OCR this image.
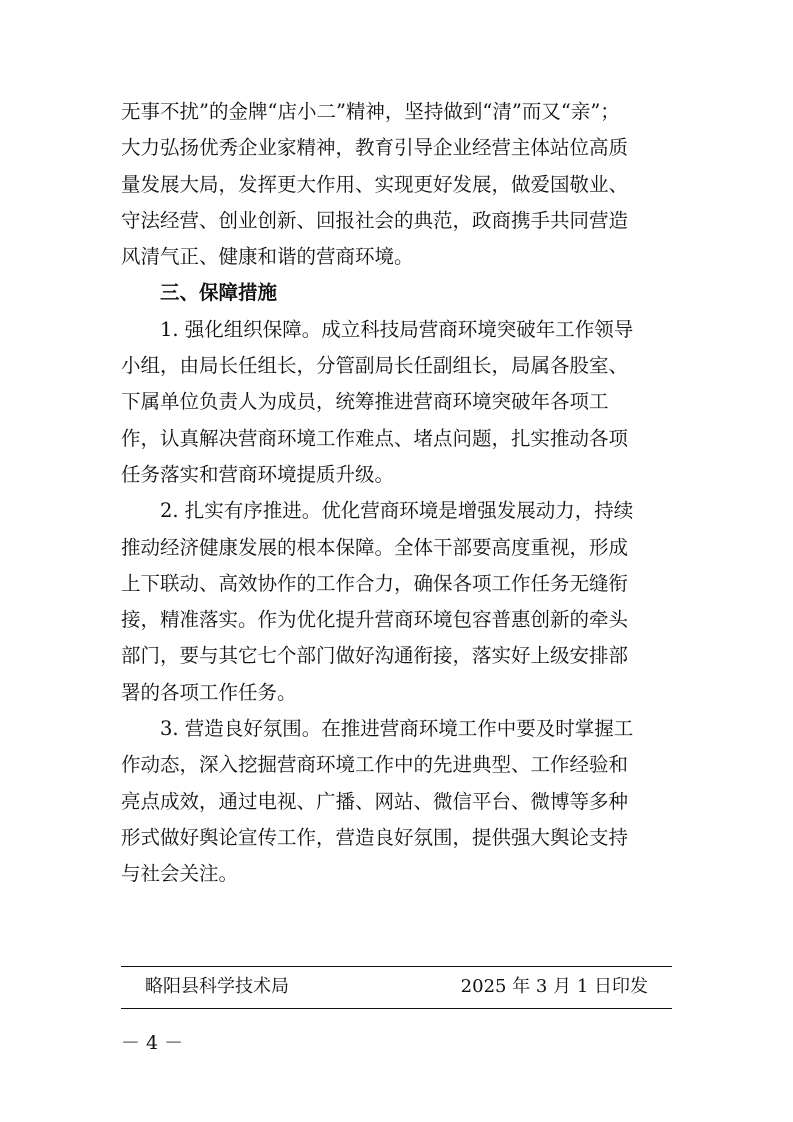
无事不扰”的金牌“店小二”精神，坚持做到“清”而又“亲”；
大力弘扬优秀企业家精神，教育引导企业经营主体站位高质
量发展大局，发挥更大作用、实现更好发展，做爱国敬业、
守法经营、创业创新、回报社会的典范，政商携手共同营造
风清气正、健康和谐的营商环境。
三、保障措施
1. 强化组织保障。成立科技局营商环境突破年工作领导
小组，由局长任组长，分管副局长任副组长，局属各股室、
下属单位负责人为成员，统筹推进营商环境突破年各项工
作，认真解决营商环境工作难点、堵点问题，扎实推动各项
任务落实和营商环境提质升级。
2. 扎实有序推进。优化营商环境是增强发展动力，持续
推动经济健康发展的根本保障。全体干部要高度重视，形成
上下联动、高效协作的工作合力，确保各项工作任务无缝衔
接，精准落实。作为优化提升营商环境包容普惠创新的牵头
部门，要与其它七个部门做好沟通衔接，落实好上级安排部
署的各项工作任务。
3. 营造良好氛围。在推进营商环境工作中要及时掌握工
作动态，深入挖掘营商环境工作中的先进典型、工作经验和
亮点成效，通过电视、广播、网站、微信平台、微博等多种
形式做好舆论宣传工作，营造良好氛围，提供强大舆论支持
与社会关注。
略阳县科学技术局	2025 年 3 月 1 日印发
－ 4 －
